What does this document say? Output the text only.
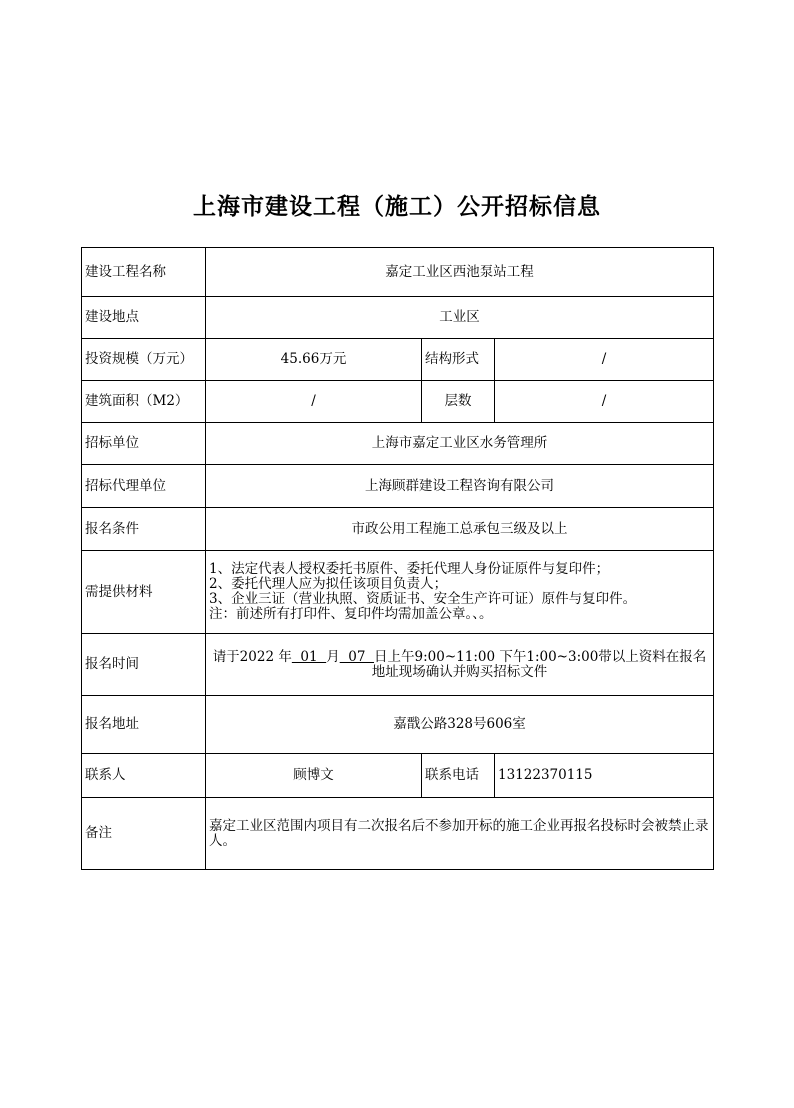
上海市建设工程（施工）公开招标信息
建设工程名称	嘉定工业区西池泵站工程		
建设地点	工业区		
投资规模（万元）	45.66万元	结构形式	/
建筑面积（M2）	/	层数	/
招标单位	上海市嘉定工业区水务管理所		
招标代理单位	上海顾群建设工程咨询有限公司		
报名条件	市政公用工程施工总承包三级及以上		
需提供材料	1、法定代表人授权委托书原件、委托代理人身份证原件与复印件；
2、委托代理人应为拟任该项目负责人；
3、企业三证（营业执照、资质证书、安全生产许可证）原件与复印件。
注：前述所有打印件、复印件均需加盖公章。、。		

报名时间	请于2022 年  01  月  07  日上午9:00~11:00 下午1:00~3:00带以上资料在报名地址现场确认并购买招标文件		
报名地址	嘉戬公路328号606室		
联系人	顾博文	联系电话	13122370115
备注	嘉定工业区范围内项目有二次报名后不参加开标的施工企业再报名投标时会被禁止录人。		
